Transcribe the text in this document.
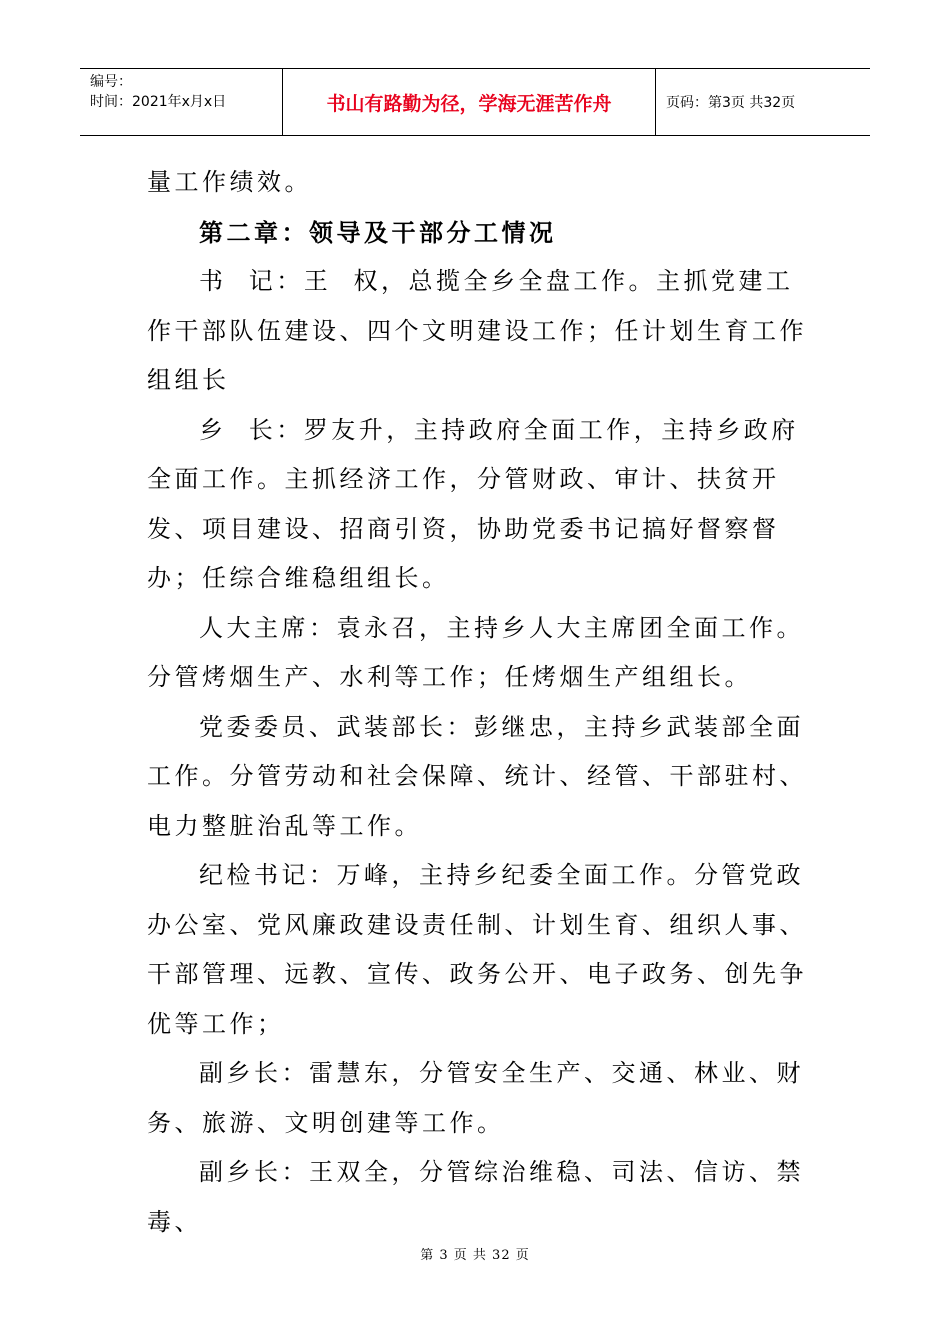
编号：
时间：2021年x月x日	书山有路勤为径，学海无涯苦作舟	页码：第3页 共32页

量工作绩效。

第二章：领导及干部分工情况

书  记：王  权，总揽全乡全盘工作。主抓党建工作干部队伍建设、四个文明建设工作；任计划生育工作组组长

乡  长：罗友升，主持政府全面工作，主持乡政府全面工作。主抓经济工作，分管财政、审计、扶贫开发、项目建设、招商引资，协助党委书记搞好督察督办；任综合维稳组组长。

人大主席：袁永召，主持乡人大主席团全面工作。分管烤烟生产、水利等工作；任烤烟生产组组长。

党委委员、武装部长：彭继忠，主持乡武装部全面工作。分管劳动和社会保障、统计、经管、干部驻村、电力整脏治乱等工作。

纪检书记：万峰，主持乡纪委全面工作。分管党政办公室、党风廉政建设责任制、计划生育、组织人事、干部管理、远教、宣传、政务公开、电子政务、创先争优等工作；

副乡长：雷慧东，分管安全生产、交通、林业、财务、旅游、文明创建等工作。

副乡长：王双全，分管综治维稳、司法、信访、禁毒、

第 3 页 共 32 页
